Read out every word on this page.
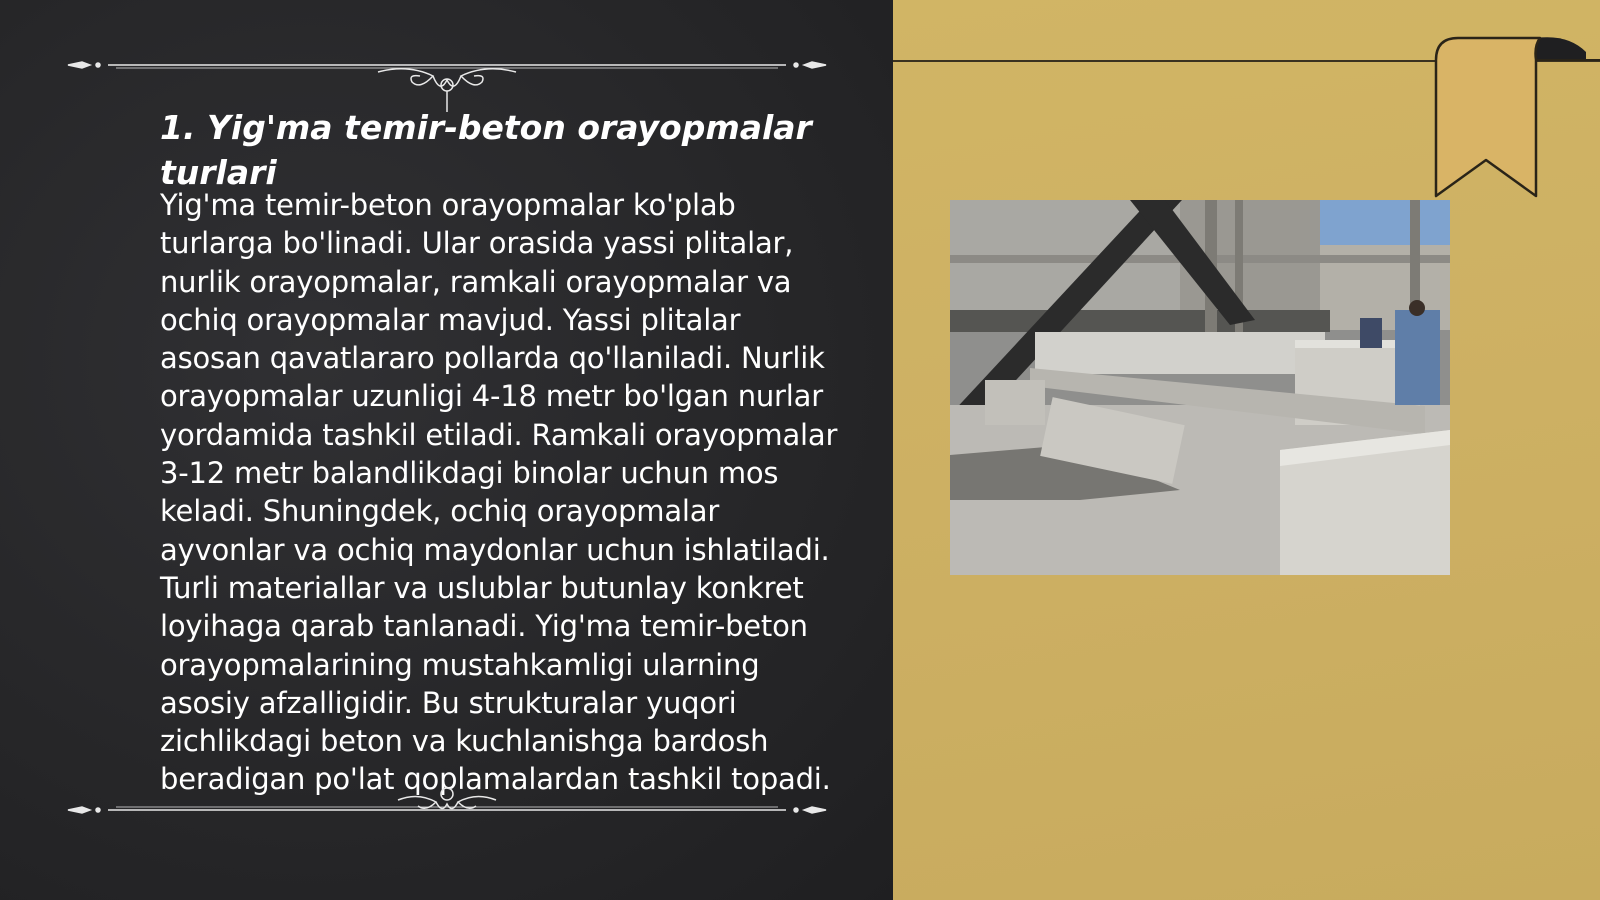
1. Yig'ma temir-beton orayopmalar turlari

Yig'ma temir-beton orayopmalar ko'plab turlarga bo'linadi. Ular orasida yassi plitalar, nurlik orayopmalar, ramkali orayopmalar va ochiq orayopmalar mavjud. Yassi plitalar asosan qavatlararo pollarda qo'llaniladi. Nurlik orayopmalar uzunligi 4-18 metr bo'lgan nurlar yordamida tashkil etiladi. Ramkali orayopmalar 3-12 metr balandlikdagi binolar uchun mos keladi. Shuningdek, ochiq orayopmalar ayvonlar va ochiq maydonlar uchun ishlatiladi. Turli materiallar va uslublar butunlay konkret loyihaga qarab tanlanadi. Yig'ma temir-beton orayopmalarining mustahkamligi ularning asosiy afzalligidir. Bu strukturalar yuqori zichlikdagi beton va kuchlanishga bardosh beradigan po'lat qoplamalardan tashkil topadi.
